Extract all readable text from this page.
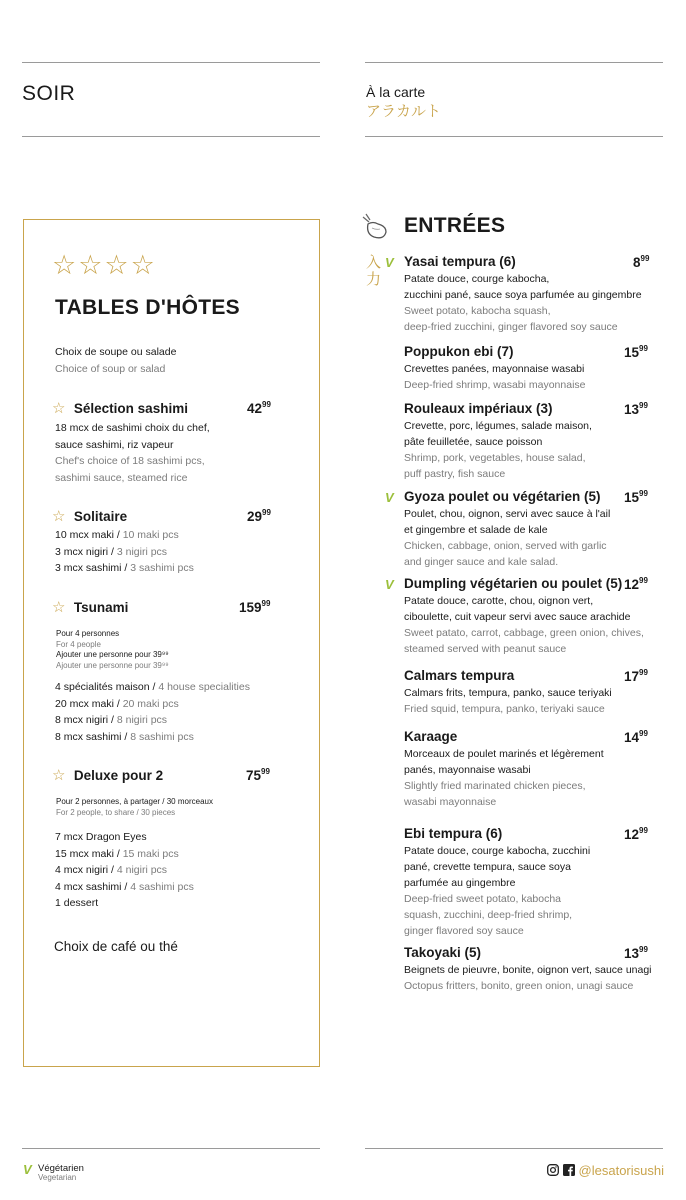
SOIR	À la carte
アラカルト
☆☆☆☆
TABLES D'HÔTES
Choix de soupe ou salade
Choice of soup or salad
☆ Sélection sashimi	$42^{99}$
18 mcx de sashimi choix du chef,
sauce sashimi, riz vapeur
Chef's choice of 18 sashimi pcs,
sashimi sauce, steamed rice
☆ Solitaire	$29^{99}$
10 mcx maki / 10 maki pcs
3 mcx nigiri / 3 nigiri pcs
3 mcx sashimi / 3 sashimi pcs
☆ Tsunami	$159^{99}$
Pour 4 personnes
For 4 people
Ajouter une personne pour 39⁹⁹
Ajouter une personne pour 39⁹⁹
4 spécialités maison / 4 house specialities
20 mcx maki / 20 maki pcs
8 mcx nigiri / 8 nigiri pcs
8 mcx sashimi / 8 sashimi pcs
☆ Deluxe pour 2	$75^{99}$
Pour 2 personnes, à partager / 30 morceaux
For 2 people, to share / 30 pieces
7 mcx Dragon Eyes
15 mcx maki / 15 maki pcs
4 mcx nigiri / 4 nigiri pcs
4 mcx sashimi / 4 sashimi pcs
1 dessert
Choix de café ou thé
ENTRÉES
入力
V Yasai tempura (6)	$8^{99}$
Patate douce, courge kabocha,
zucchini pané, sauce soya parfumée au gingembre
Sweet potato, kabocha squash,
deep-fried zucchini, ginger flavored soy sauce
Poppukon ebi (7)	$15^{99}$
Crevettes panées, mayonnaise wasabi
Deep-fried shrimp, wasabi mayonnaise
Rouleaux impériaux (3)	$13^{99}$
Crevette, porc, légumes, salade maison,
pâte feuilletée, sauce poisson
Shrimp, pork, vegetables, house salad,
puff pastry, fish sauce
V Gyoza poulet ou végétarien (5) $15^{99}$
Poulet, chou, oignon, servi avec sauce à l'ail
et gingembre et salade de kale
Chicken, cabbage, onion, served with garlic
and ginger sauce and kale salad.
V Dumpling végétarien ou poulet (5) $12^{99}$
Patate douce, carotte, chou, oignon vert,
ciboulette, cuit vapeur servi avec sauce arachide
Sweet patato, carrot, cabbage, green onion, chives,
steamed served with peanut sauce
Calmars tempura	$17^{99}$
Calmars frits, tempura, panko, sauce teriyaki
Fried squid, tempura, panko, teriyaki sauce
Karaage	$14^{99}$
Morceaux de poulet marinés et légèrement
panés, mayonnaise wasabi
Slightly fried marinated chicken pieces,
wasabi mayonnaise
Ebi tempura (6)	$12^{99}$
Patate douce, courge kabocha, zucchini
pané, crevette tempura, sauce soya
parfumée au gingembre
Deep-fried sweet potato, kabocha
squash, zucchini, deep-fried shrimp,
ginger flavored soy sauce
Takoyaki (5)	$13^{99}$
Beignets de pieuvre, bonite, oignon vert, sauce unagi
Octopus fritters, bonito, green onion, unagi sauce
V Végétarien
Vegetarian	@lesatorisushi
